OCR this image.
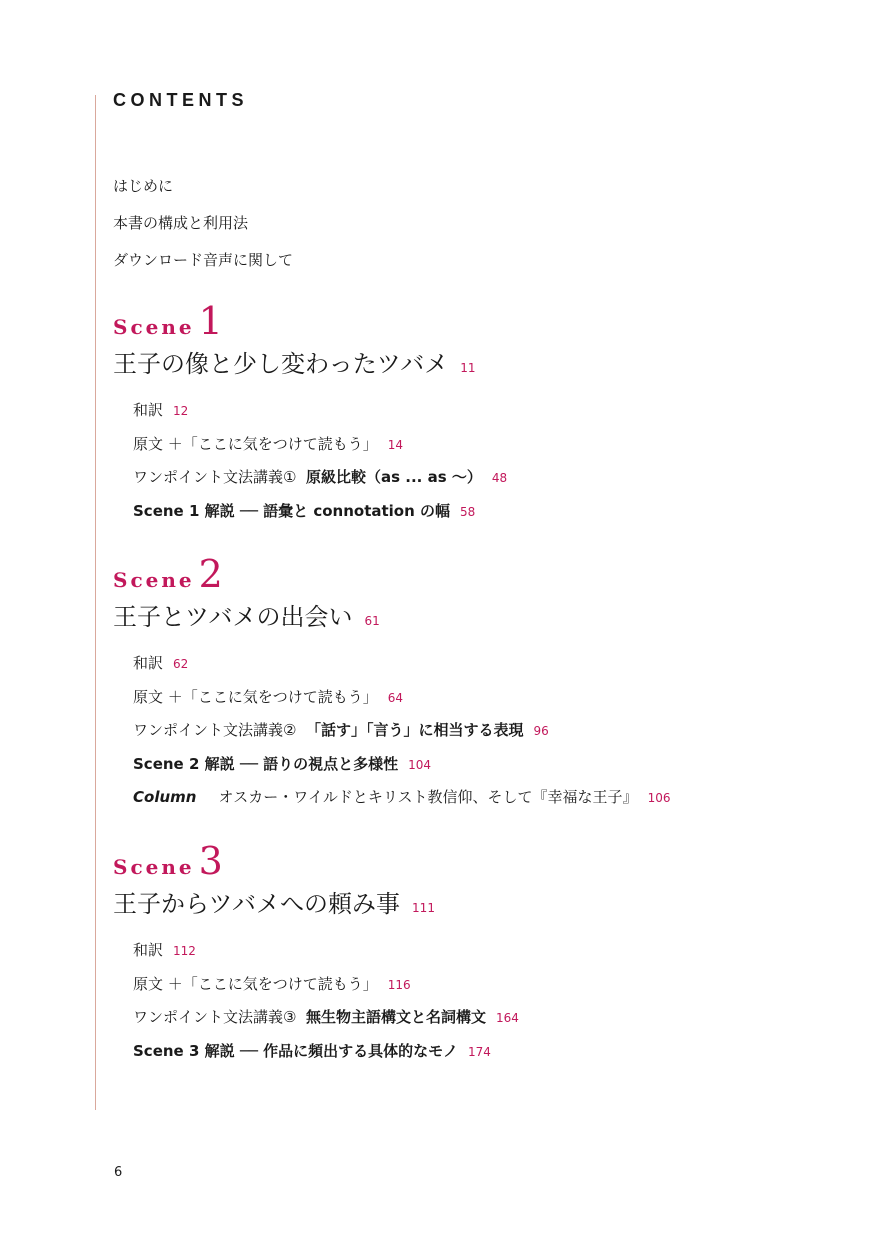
CONTENTS
はじめに
本書の構成と利用法
ダウンロード音声に関して
Scene 1
王子の像と少し変わったツバメ 11
和訳 12
原文 ＋「ここに気をつけて読もう」 14
ワンポイント文法講義① 原級比較（as ... as ～） 48
Scene 1 解説 ── 語彙と connotation の幅 58
Scene 2
王子とツバメの出会い 61
和訳 62
原文 ＋「ここに気をつけて読もう」 64
ワンポイント文法講義② 「話す」「言う」に相当する表現 96
Scene 2 解説 ── 語りの視点と多様性 104
Column オスカー・ワイルドとキリスト教信仰、そして『幸福な王子』 106
Scene 3
王子からツバメへの頼み事 111
和訳 112
原文 ＋「ここに気をつけて読もう」 116
ワンポイント文法講義③ 無生物主語構文と名詞構文 164
Scene 3 解説 ── 作品に頻出する具体的なモノ 174
6
